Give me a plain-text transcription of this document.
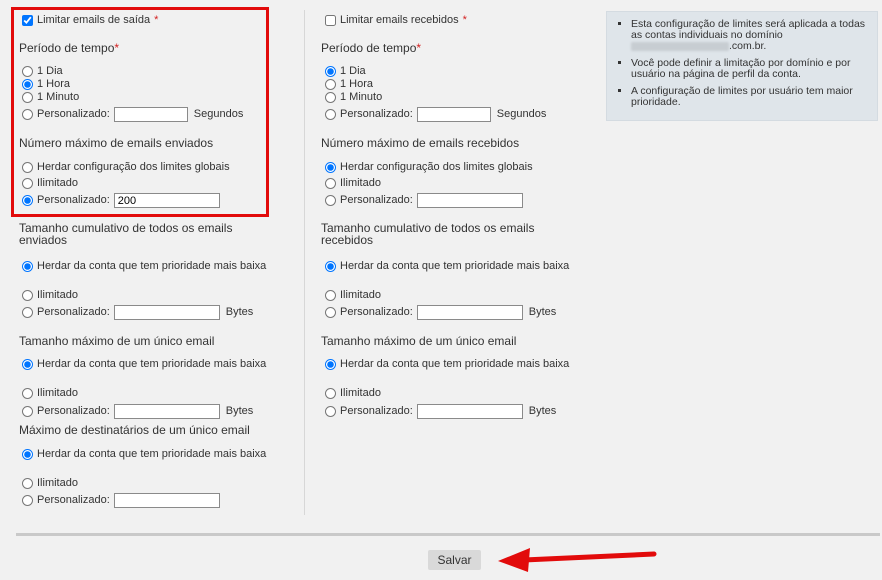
Limitar emails de saída *
Período de tempo*
1 Dia
1 Hora
1 Minuto
Personalizado:	Segundos
Número máximo de emails enviados
Herdar configuração dos limites globais
Ilimitado
Personalizado:
200
Tamanho cumulativo de todos os emails enviados
Herdar da conta que tem prioridade mais baixa
Ilimitado
Personalizado:	Bytes
Tamanho máximo de um único email
Herdar da conta que tem prioridade mais baixa
Ilimitado
Personalizado:	Bytes
Máximo de destinatários de um único email
Herdar da conta que tem prioridade mais baixa
Ilimitado
Personalizado:
Limitar emails recebidos *
Período de tempo*
1 Dia
1 Hora
1 Minuto
Personalizado:	Segundos
Número máximo de emails recebidos
Herdar configuração dos limites globais
Ilimitado
Personalizado:
Tamanho cumulativo de todos os emails recebidos
Herdar da conta que tem prioridade mais baixa
Ilimitado
Personalizado:	Bytes
Tamanho máximo de um único email
Herdar da conta que tem prioridade mais baixa
Ilimitado
Personalizado:	Bytes
▪ Esta configuração de limites será aplicada a todas as contas individuais no domínio .com.br.
▪ Você pode definir a limitação por domínio e por usuário na página de perfil da conta.
▪ A configuração de limites por usuário tem maior prioridade.
Salvar
